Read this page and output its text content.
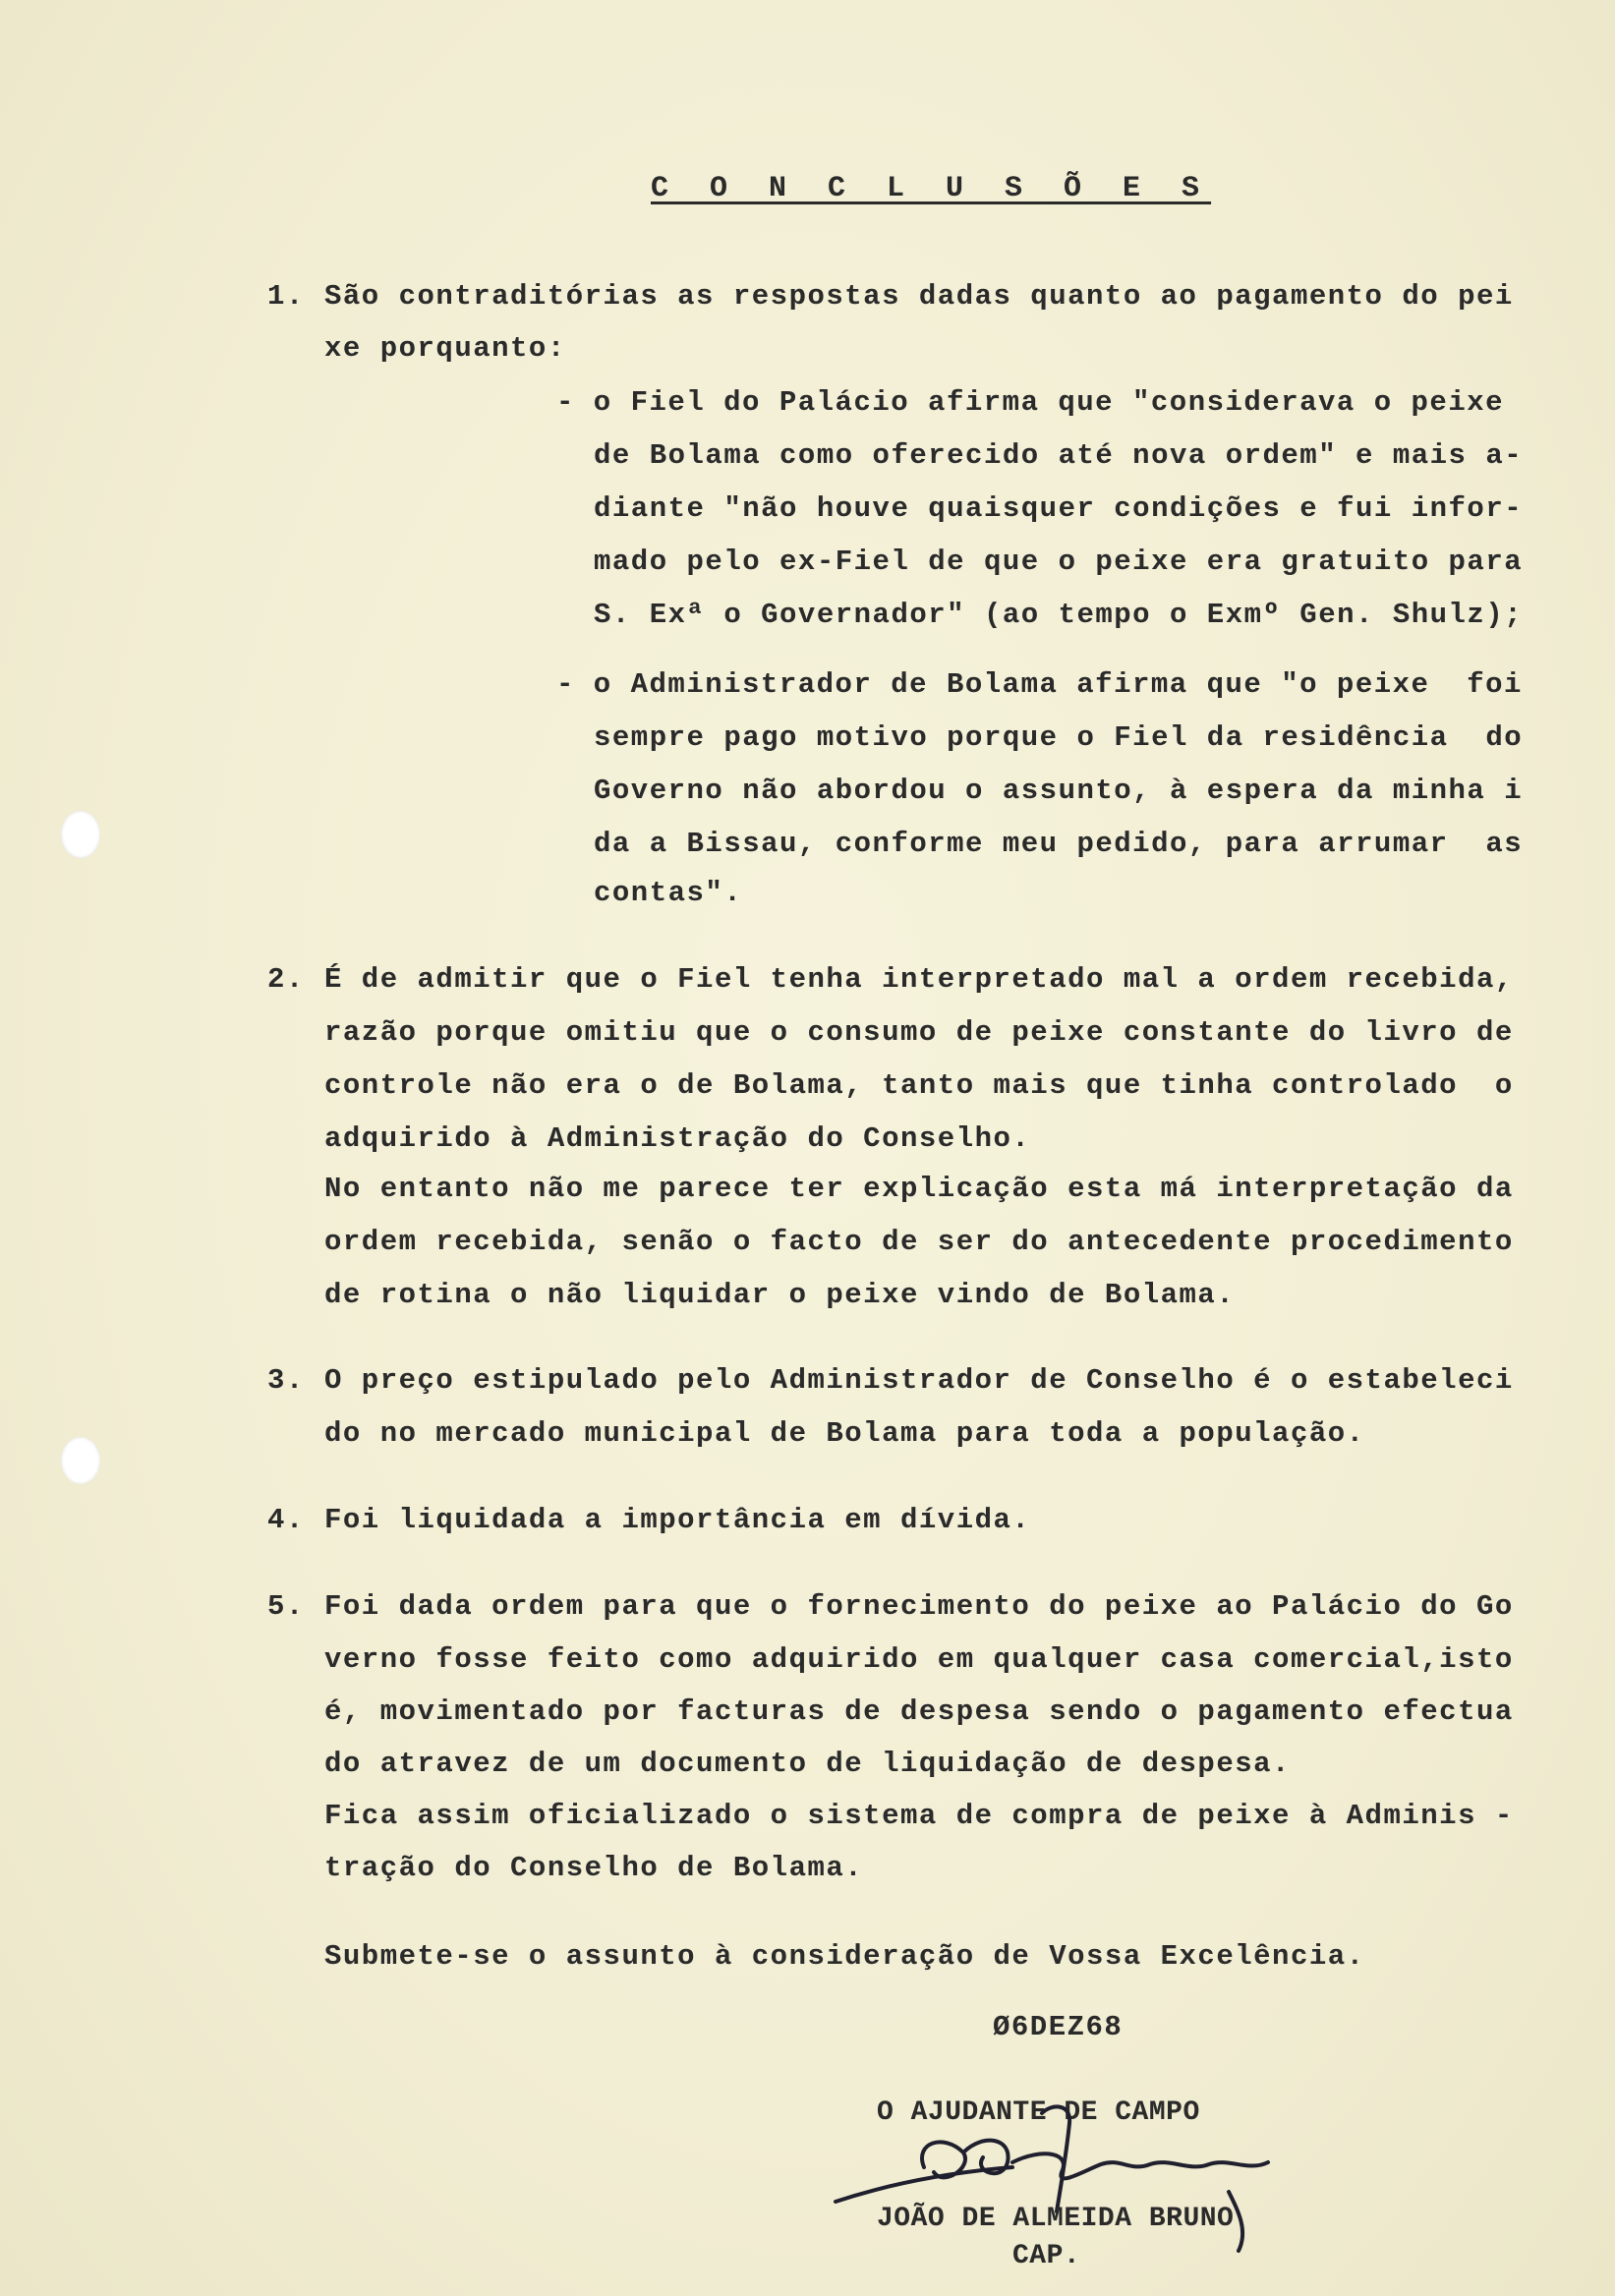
C O N C L U S Õ E S
1. São contraditórias as respostas dadas quanto ao pagamento do pei
xe porquanto:
- o Fiel do Palácio afirma que "considerava o peixe
de Bolama como oferecido até nova ordem" e mais a-
diante "não houve quaisquer condições e fui infor-
mado pelo ex-Fiel de que o peixe era gratuito para
S. Exª o Governador" (ao tempo o Exmº Gen. Shulz);
- o Administrador de Bolama afirma que "o peixe  foi
sempre pago motivo porque o Fiel da residência  do
Governo não abordou o assunto, à espera da minha i
da a Bissau, conforme meu pedido, para arrumar  as
contas".
2. É de admitir que o Fiel tenha interpretado mal a ordem recebida,
razão porque omitiu que o consumo de peixe constante do livro de
controle não era o de Bolama, tanto mais que tinha controlado  o
adquirido à Administração do Conselho.
No entanto não me parece ter explicação esta má interpretação da
ordem recebida, senão o facto de ser do antecedente procedimento
de rotina o não liquidar o peixe vindo de Bolama.
3. O preço estipulado pelo Administrador de Conselho é o estabeleci
do no mercado municipal de Bolama para toda a população.
4. Foi liquidada a importância em dívida.
5. Foi dada ordem para que o fornecimento do peixe ao Palácio do Go
verno fosse feito como adquirido em qualquer casa comercial,isto
é, movimentado por facturas de despesa sendo o pagamento efectua
do atravez de um documento de liquidação de despesa.
Fica assim oficializado o sistema de compra de peixe à Adminis -
tração do Conselho de Bolama.
Submete-se o assunto à consideração de Vossa Excelência.
Ø6DEZ68
O AJUDANTE DE CAMPO
JOÃO DE ALMEIDA BRUNO
CAP.
